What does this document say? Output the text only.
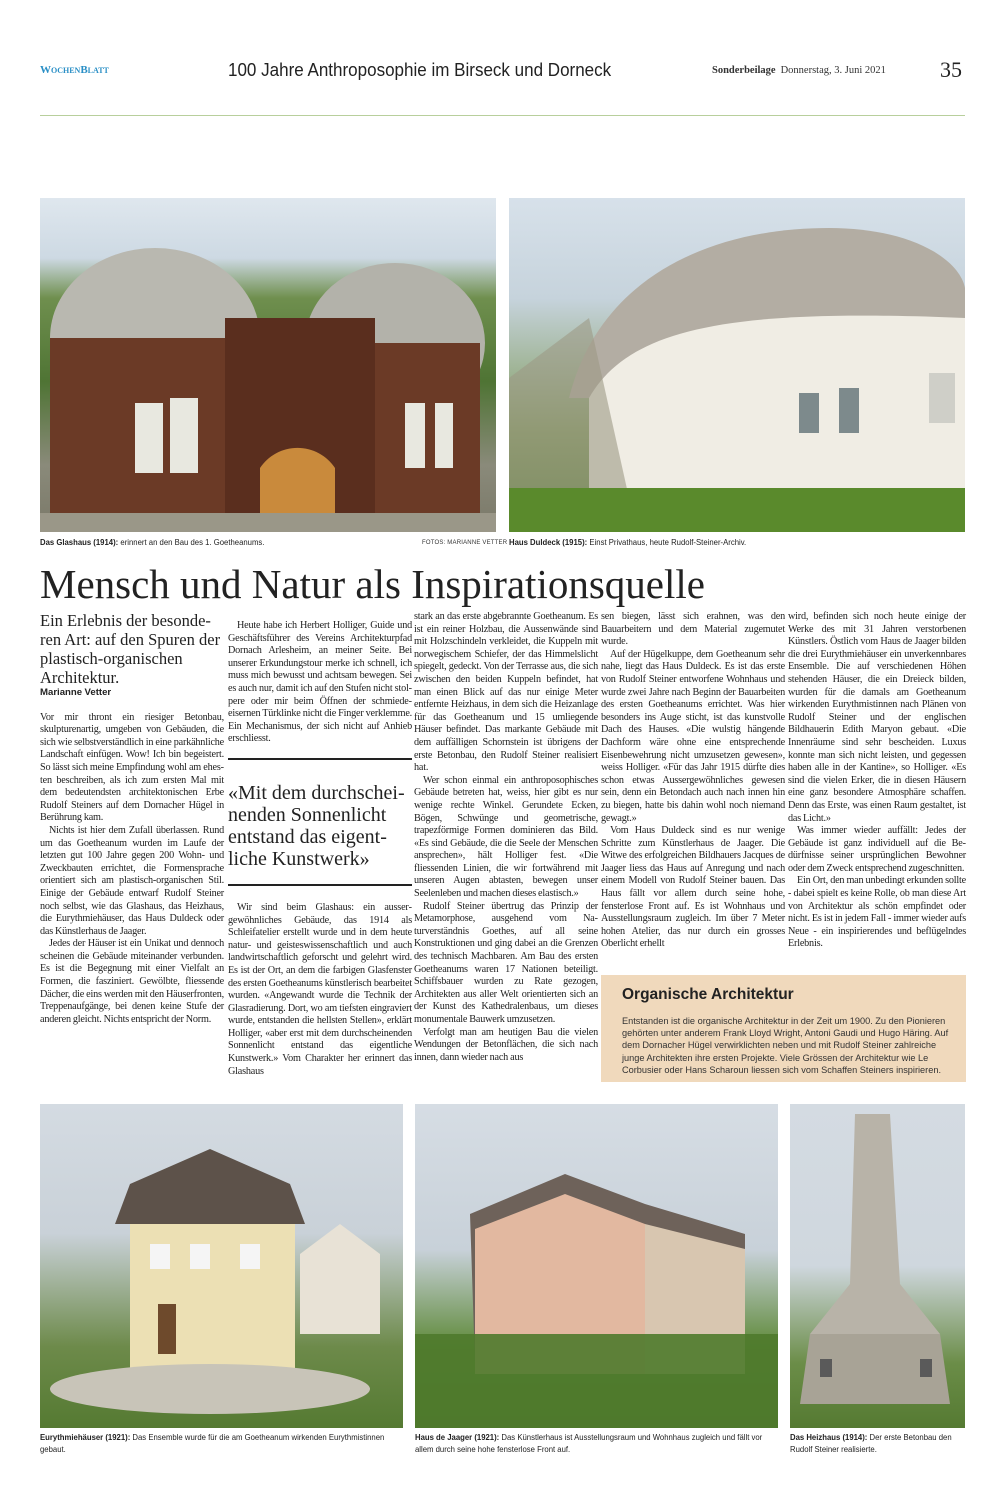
WochenBlatt	100 Jahre Anthroposophie im Birseck und Dorneck	Sonderbeilage Donnerstag, 3. Juni 2021 35
Das Glashaus (1914): erinnert an den Bau des 1. Goetheanums.	FOTOS: MARIANNE VETTER Haus Duldeck (1915): Einst Privathaus, heute Rudolf-Steiner-Archiv.
Mensch und Natur als Inspirationsquelle

Ein Erlebnis der besonderen Art: auf den Spuren der plastisch-organischen Architektur.

Marianne Vetter

Vor mir thront ein riesiger Betonbau, skulpturenartig, umgeben von Gebäuden, die sich wie selbstverständlich in eine parkähnliche Landschaft einfügen. Wow! Ich bin begeistert. So lässt sich meine Empfindung wohl am ehesten beschreiben, als ich zum ersten Mal mit dem bedeutendsten architektonischen Erbe Rudolf Steiners auf dem Dornacher Hügel in Berührung kam.

Nichts ist hier dem Zufall überlassen. Rund um das Goetheanum wurden im Laufe der letzten gut 100 Jahre gegen 200 Wohn- und Zweckbauten errichtet, die Formensprache orientiert sich am plastisch-organischen Stil. Einige der Gebäude entwarf Rudolf Steiner noch selbst, wie das Glashaus, das Heizhaus, die Eurythmiehäuser, das Haus Duldeck oder das Künstlerhaus de Jaager.

Jedes der Häuser ist ein Unikat und dennoch scheinen die Gebäude miteinander verbunden. Es ist die Begegnung mit einer Vielfalt an Formen, die fasziniert. Gewölbte, fliessende Dächer, die eins werden mit den Häuserfronten, Treppenaufgänge, bei denen keine Stufe der anderen gleicht. Nichts entspricht der Norm.

Heute habe ich Herbert Holliger, Guide und Geschäftsführer des Vereins Architekturpfad Dornach Arlesheim, an meiner Seite. Bei unserer Erkundungstour merke ich schnell, ich muss mich bewusst und achtsam bewegen. Sei es auch nur, damit ich auf den Stufen nicht stolpere oder mir beim Öffnen der schmiedeeisernen Türklinke nicht die Finger verklemme. Ein Mechanismus, der sich nicht auf Anhieb erschliesst.

«Mit dem durchscheinenden Sonnenlicht entstand das eigentliche Kunstwerk»

Wir sind beim Glashaus: ein aussergewöhnliches Gebäude, das 1914 als Schleifatelier erstellt wurde und in dem heute natur- und geisteswissenschaftlich und auch landwirtschaftlich geforscht und gelehrt wird. Es ist der Ort, an dem die farbigen Glasfenster des ersten Goetheanums künstlerisch bearbeitet wurden. «Angewandt wurde die Technik der Glasradierung. Dort, wo am tiefsten eingraviert wurde, entstanden die hellsten Stellen», erklärt Holliger, «aber erst mit dem durchscheinenden Sonnenlicht entstand das eigentliche Kunstwerk.» Vom Charakter her erinnert das Glashaus

stark an das erste abgebrannte Goetheanum. Es ist ein reiner Holzbau, die Aussenwände sind mit Holzschindeln verkleidet, die Kuppeln mit norwegischem Schiefer, der das Himmelslicht spiegelt, gedeckt. Von der Terrasse aus, die sich zwischen den beiden Kuppeln befindet, hat man einen Blick auf das nur einige Meter entfernte Heizhaus, in dem sich die Heizanlage für das Goetheanum und 15 umliegende Häuser befindet. Das markante Gebäude mit dem auffälligen Schornstein ist übrigens der erste Betonbau, den Rudolf Steiner realisiert hat.

Wer schon einmal ein anthroposophisches Gebäude betreten hat, weiss, hier gibt es nur wenige rechte Winkel. Gerundete Ecken, Bögen, Schwünge und geometrische, trapezförmige Formen dominieren das Bild. «Es sind Gebäude, die die Seele der Menschen ansprechen», hält Holliger fest. «Die fliessenden Linien, die wir fortwährend mit unseren Augen abtasten, bewegen unser Seelenleben und machen dieses elastisch.»

Rudolf Steiner übertrug das Prinzip der Metamorphose, ausgehend vom Naturverständnis Goethes, auf all seine Konstruktionen und ging dabei an die Grenzen des technisch Machbaren. Am Bau des ersten Goetheanums waren 17 Nationen beteiligt. Schiffsbauer wurden zu Rate gezogen, Architekten aus aller Welt orientierten sich an der Kunst des Kathedralenbaus, um dieses monumentale Bauwerk umzusetzen.

Verfolgt man am heutigen Bau die vielen Wendungen der Betonflächen, die sich nach innen, dann wieder nach aus

sen biegen, lässt sich erahnen, was den Bauarbeitern und dem Material zugemutet wurde.

Auf der Hügelkuppe, dem Goetheanum sehr nahe, liegt das Haus Duldeck. Es ist das erste von Rudolf Steiner entworfene Wohnhaus und wurde zwei Jahre nach Beginn der Bauarbeiten des ersten Goetheanums errichtet. Was hier besonders ins Auge sticht, ist das kunstvolle Dach des Hauses. «Die wulstig hängende Dachform wäre ohne eine entsprechende Eisenbewehrung nicht umzusetzen gewesen», weiss Holliger. «Für das Jahr 1915 dürfte dies schon etwas Aussergewöhnliches gewesen sein, denn ein Betondach auch nach innen hin zu biegen, hatte bis dahin wohl noch niemand gewagt.»

Vom Haus Duldeck sind es nur wenige Schritte zum Künstlerhaus de Jaager. Die Witwe des erfolgreichen Bildhauers Jacques de Jaager liess das Haus auf Anregung und nach einem Modell von Rudolf Steiner bauen. Das Haus fällt vor allem durch seine hohe, fensterlose Front auf. Es ist Wohnhaus und Ausstellungsraum zugleich. Im über 7 Meter hohen Atelier, das nur durch ein grosses Oberlicht erhellt

wird, befinden sich noch heute einige der Werke des mit 31 Jahren verstorbenen Künstlers. Östlich vom Haus de Jaager bilden die drei Eurythmiehäuser ein unverkennbares Ensemble. Die auf verschiedenen Höhen stehenden Häuser, die ein Dreieck bilden, wurden für die damals am Goetheanum wirkenden Eurythmistinnen nach Plänen von Rudolf Steiner und der englischen Bildhauerin Edith Maryon gebaut. «Die Innenräume sind sehr bescheiden. Luxus konnte man sich nicht leisten, und gegessen haben alle in der Kantine», so Holliger. «Es sind die vielen Erker, die in diesen Häusern eine ganz besondere Atmosphäre schaffen. Denn das Erste, was einen Raum gestaltet, ist das Licht.»

Was immer wieder auffällt: Jedes der Gebäude ist ganz individuell auf die Bedürfnisse seiner ursprünglichen Bewohner oder dem Zweck entsprechend zugeschnitten.

Ein Ort, den man unbedingt erkunden sollte - dabei spielt es keine Rolle, ob man diese Art von Architektur als schön empfindet oder nicht. Es ist in jedem Fall - immer wieder aufs Neue - ein inspirierendes und beflügelndes Erlebnis.

Organische Architektur

Entstanden ist die organische Architektur in der Zeit um 1900. Zu den Pionieren gehörten unter anderem Frank Lloyd Wright, Antoni Gaudi und Hugo Häring. Auf dem Dornacher Hügel verwirklichten neben und mit Rudolf Steiner zahlreiche junge Architekten ihre ersten Projekte. Viele Grössen der Architektur wie Le Corbusier oder Hans Scharoun liessen sich vom Schaffen Steiners inspirieren.

Eurythmiehäuser (1921): Das Ensemble wurde für die am Goetheanum wirkenden Eurythmistinnen gebaut.
Haus de Jaager (1921): Das Künstlerhaus ist Ausstellungsraum und Wohnhaus zugleich und fällt vor allem durch seine hohe fensterlose Front auf.
Das Heizhaus (1914): Der erste Betonbau den Rudolf Steiner realisierte.
